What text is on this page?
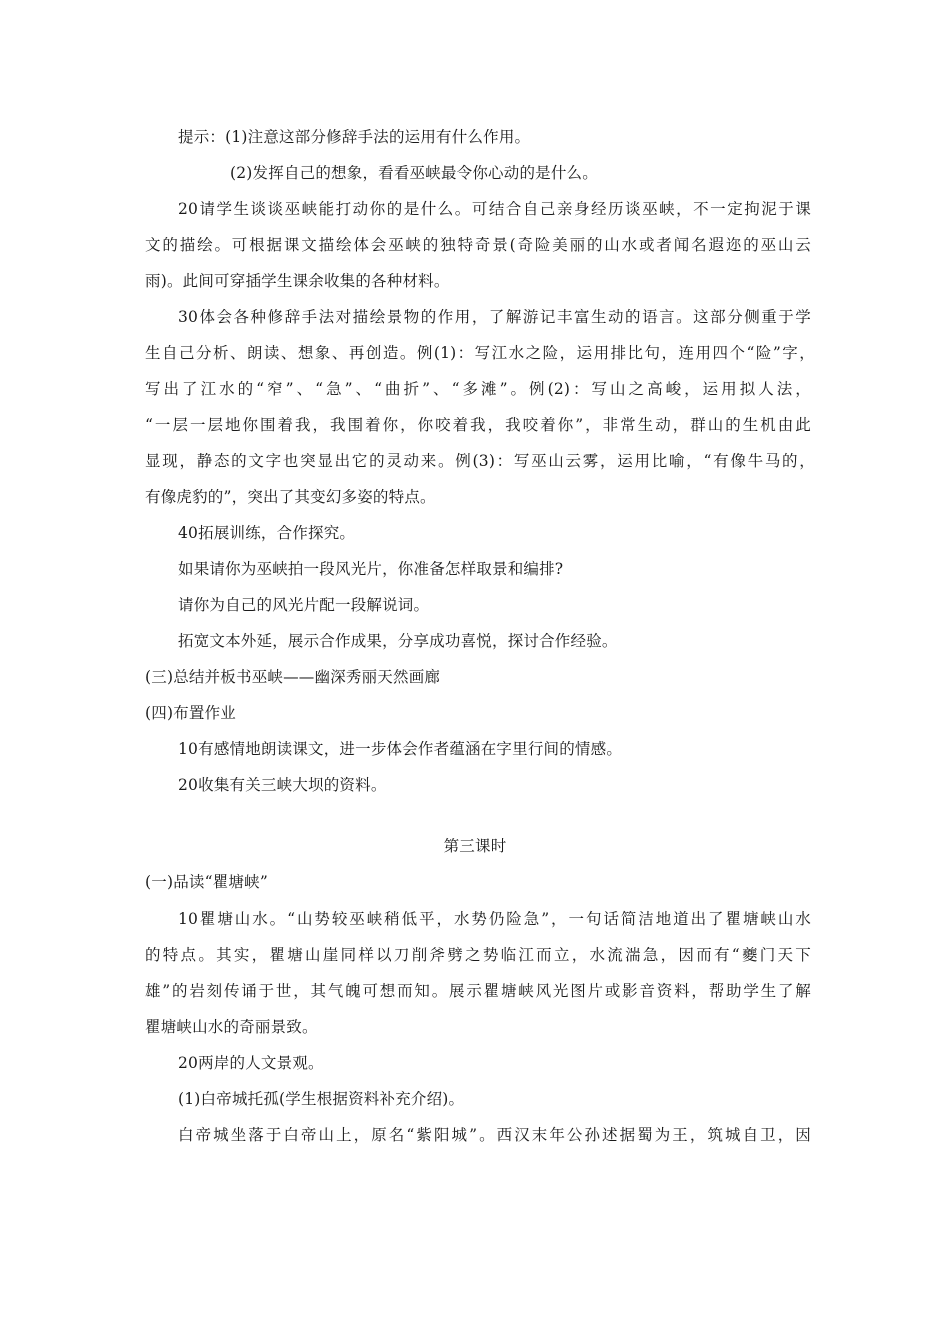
提示：(1)注意这部分修辞手法的运用有什么作用。
(2)发挥自己的想象，看看巫峡最令你心动的是什么。
20请学生谈谈巫峡能打动你的是什么。可结合自己亲身经历谈巫峡，不一定拘泥于课
文的描绘。可根据课文描绘体会巫峡的独特奇景(奇险美丽的山水或者闻名遐迩的巫山云
雨)。此间可穿插学生课余收集的各种材料。
30体会各种修辞手法对描绘景物的作用，了解游记丰富生动的语言。这部分侧重于学
生自己分析、朗读、想象、再创造。例(1)：写江水之险，运用排比句，连用四个“险”字，
写出了江水的“窄”、“急”、“曲折”、“多滩”。例(2)：写山之高峻，运用拟人法，
“一层一层地你围着我，我围着你，你咬着我，我咬着你”，非常生动，群山的生机由此
显现，静态的文字也突显出它的灵动来。例(3)：写巫山云雾，运用比喻，“有像牛马的，
有像虎豹的”，突出了其变幻多姿的特点。
40拓展训练，合作探究。
如果请你为巫峡拍一段风光片，你准备怎样取景和编排?
请你为自己的风光片配一段解说词。
拓宽文本外延，展示合作成果，分享成功喜悦，探讨合作经验。
(三)总结并板书巫峡——幽深秀丽天然画廊
(四)布置作业
10有感情地朗读课文，进一步体会作者蕴涵在字里行间的情感。
20收集有关三峡大坝的资料。
第三课时
(一)品读“瞿塘峡”
10瞿塘山水。“山势较巫峡稍低平，水势仍险急”，一句话简洁地道出了瞿塘峡山水
的特点。其实，瞿塘山崖同样以刀削斧劈之势临江而立，水流湍急，因而有“夔门天下
雄”的岩刻传诵于世，其气魄可想而知。展示瞿塘峡风光图片或影音资料，帮助学生了解
瞿塘峡山水的奇丽景致。
20两岸的人文景观。
(1)白帝城托孤(学生根据资料补充介绍)。
白帝城坐落于白帝山上，原名“紫阳城”。西汉末年公孙述据蜀为王，筑城自卫，因
